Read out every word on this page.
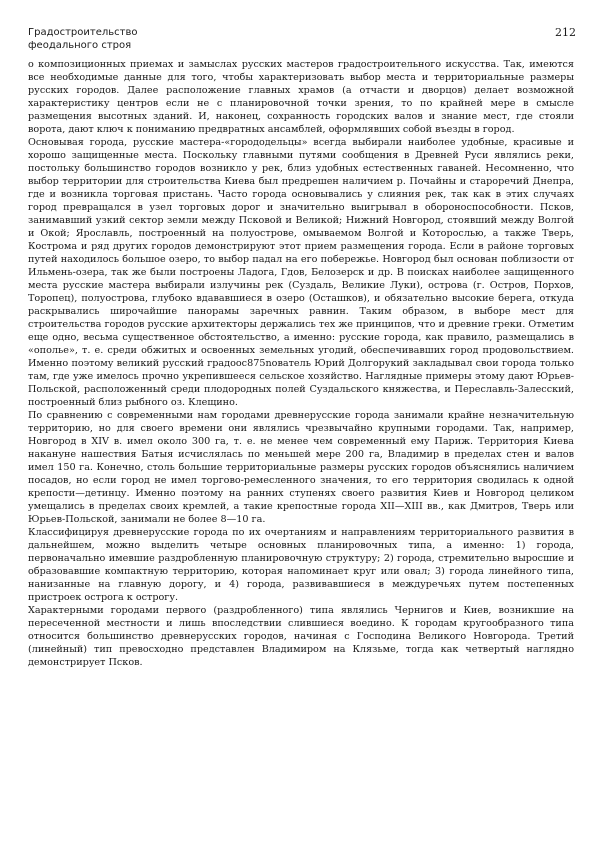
Градостроительство
феодального строя
212

о композиционных приемах и замыслах русских мастеров градостроительного искусства. Так, имеются все необходимые данные для того, чтобы характеризовать выбор места и территориальные размеры русских городов. Далее расположение главных храмов (а отчасти и дворцов) делает возможной характеристику центров если не с планировочной точки зрения, то по крайней мере в смысле размещения высотных зданий. И, наконец, сохранность городских валов и знание мест, где стояли ворота, дают ключ к пониманию предвратных ансамблей, оформлявших собой въезды в город.

Основывая города, русские мастера-«горододельцы» всегда выбирали наиболее удобные, красивые и хорошо защищенные места. Поскольку главными путями сообщения в Древней Руси являлись реки, постольку большинство городов возникло у рек, близ удобных естественных гаваней. Несомненно, что выбор территории для строительства Киева был предрешен наличием р. Почайны и староречий Днепра, где и возникла торговая пристань. Часто города основывались у слияния рек, так как в этих случаях город превращался в узел торговых дорог и значительно выигрывал в обороноспособности. Псков, занимавший узкий сектор земли между Псковой и Великой; Нижний Новгород, стоявший между Волгой и Окой; Ярославль, построенный на полуострове, омываемом Волгой и Которослью, а также Тверь, Кострома и ряд других городов демонстрируют этот прием размещения города. Если в районе торговых путей находилось большое озеро, то выбор падал на его побережье. Новгород был основан поблизости от Ильмень-озера, так же были построены Ладога, Гдов, Белозерск и др. В поисках наиболее защищенного места русские мастера выбирали излучины рек (Суздаль, Великие Луки), острова (г. Остров, Порхов, Торопец), полуострова, глубоко вдававшиеся в озеро (Осташков), и обязательно высокие берега, откуда раскрывались широчайшие панорамы заречных равнин. Таким образом, в выборе мест для строительства городов русские архитекторы держались тех же принципов, что и древние греки. Отметим еще одно, весьма существенное обстоятельство, а именно: русские города, как правило, размещались в «ополье», т. е. среди обжитых и освоенных земельных угодий, обеспечивавших город продовольствием. Именно поэтому великий русский градоос875nователь Юрий Долгорукий закладывал свои города только там, где уже имелось прочно укрепившееся сельское хозяйство. Наглядные примеры этому дают Юрьев-Польской, расположенный среди плодородных полей Суздальского княжества, и Переславль-Залесский, построенный близ рыбного оз. Клещино.

По сравнению с современными нам городами древнерусские города занимали крайне незначительную территорию, но для своего времени они являлись чрезвычайно крупными городами. Так, например, Новгород в XIV в. имел около 300 га, т. е. не менее чем современный ему Париж. Территория Киева накануне нашествия Батыя исчислялась по меньшей мере 200 га, Владимир в пределах стен и валов имел 150 га. Конечно, столь большие территориальные размеры русских городов объяснялись наличием посадов, но если город не имел торгово-ремесленного значения, то его территория сводилась к одной крепости—детинцу. Именно поэтому на ранних ступенях своего развития Киев и Новгород целиком умещались в пределах своих кремлей, а такие крепостные города XII—XIII вв., как Дмитров, Тверь или Юрьев-Польской, занимали не более 8—10 га.

Классифицируя древнерусские города по их очертаниям и направлениям территориального развития в дальнейшем, можно выделить четыре основных планировочных типа, а именно: 1) города, первоначально имевшие раздробленную планировочную структуру; 2) города, стремительно выросшие и образовавшие компактную территорию, которая напоминает круг или овал; 3) города линейного типа, нанизанные на главную дорогу, и 4) города, развивавшиеся в междуречьях путем постепенных пристроек острога к острогу.

Характерными городами первого (раздробленного) типа являлись Чернигов и Киев, возникшие на пересеченной местности и лишь впоследствии слившиеся воедино. К городам кругообразного типа относится большинство древнерусских городов, начиная с Господина Великого Новгорода. Третий (линейный) тип превосходно представлен Владимиром на Клязьме, тогда как четвертый наглядно демонстрирует Псков.
